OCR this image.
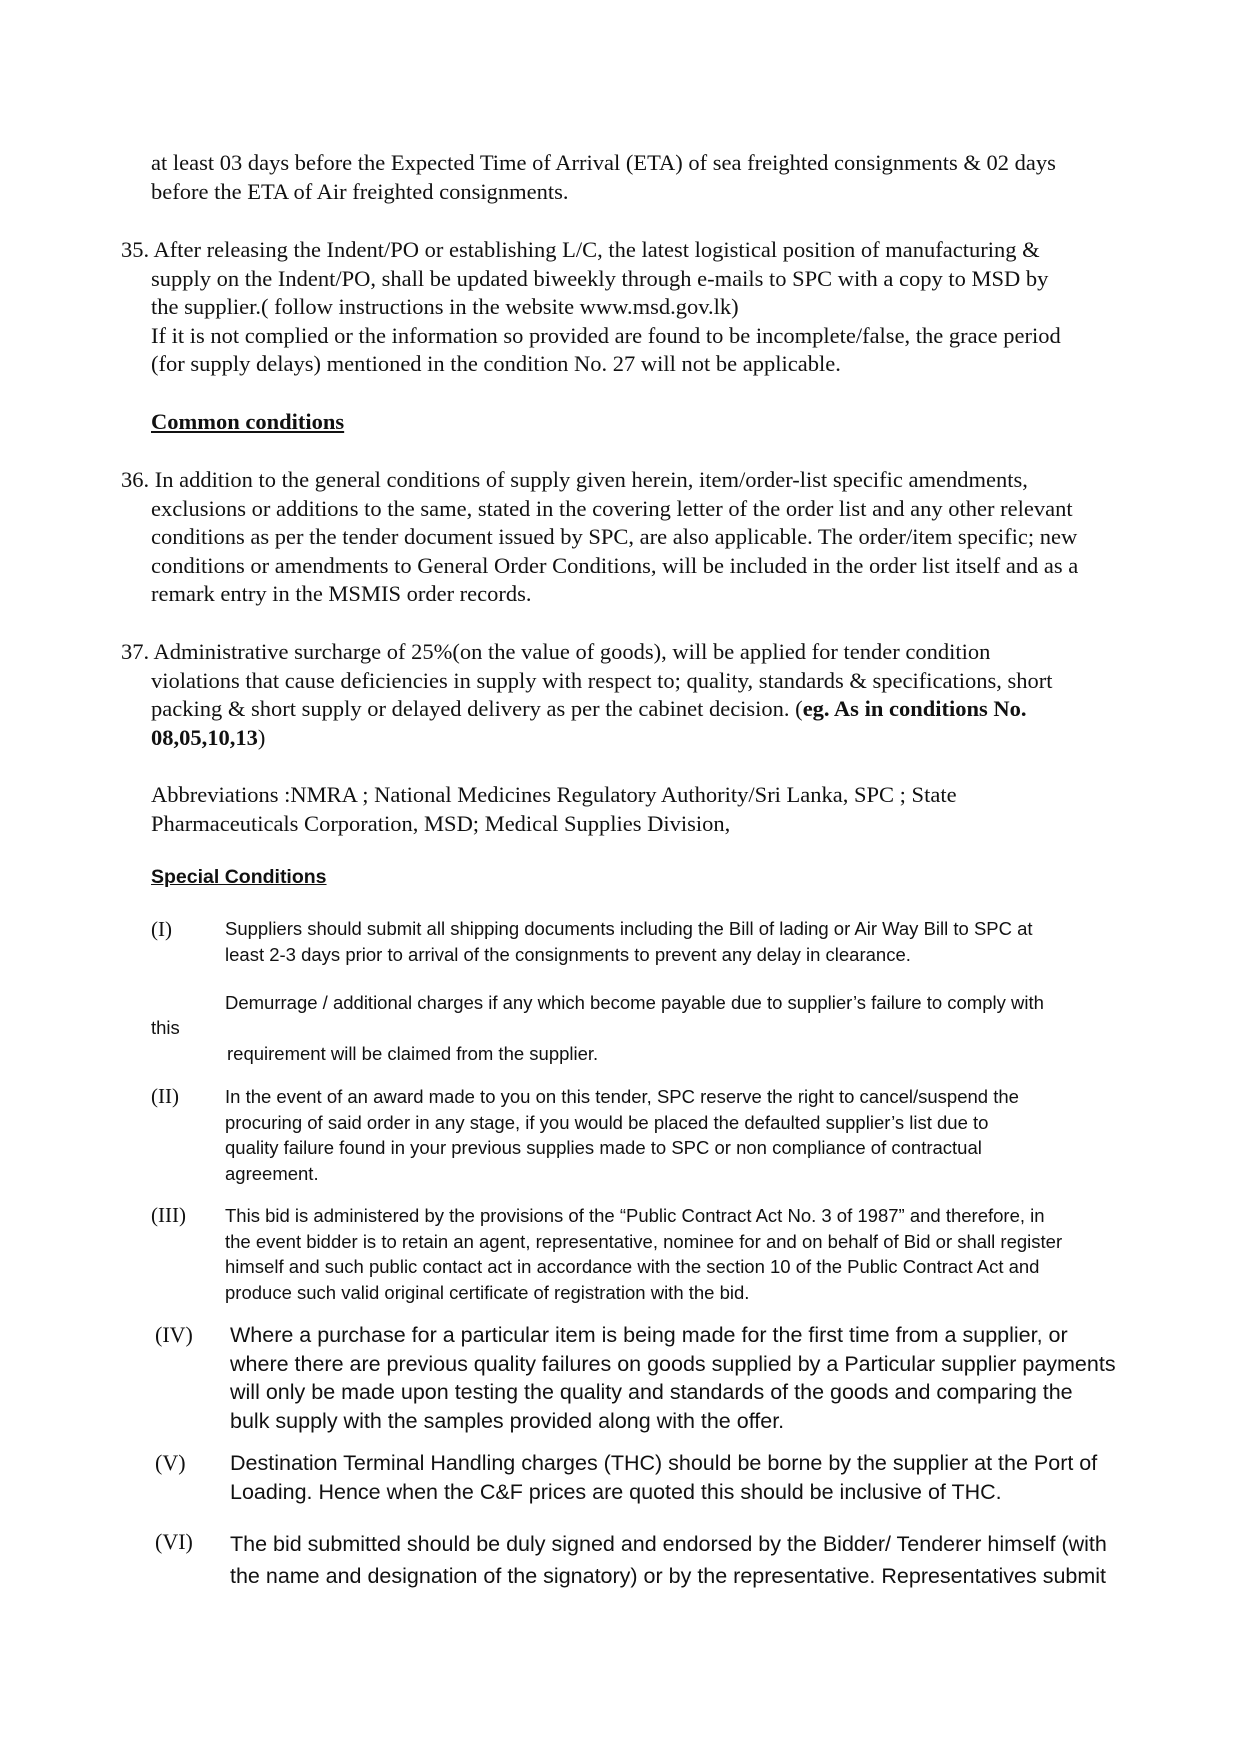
at least 03 days before the Expected Time of Arrival (ETA) of sea freighted consignments & 02 days
before the ETA of Air freighted consignments.
35. After releasing the Indent/PO or establishing L/C, the latest logistical position of manufacturing &
supply on the Indent/PO, shall be updated biweekly through e-mails to SPC with a copy to MSD by
the supplier.( follow instructions in the website www.msd.gov.lk)
If it is not complied or the information so provided are found to be incomplete/false, the grace period
(for supply delays) mentioned in the condition No. 27 will not be applicable.
Common conditions
36. In addition to the general conditions of supply given herein, item/order-list specific amendments,
exclusions or additions to the same, stated in the covering letter of the order list and any other relevant
conditions as per the tender document issued by SPC, are also applicable. The order/item specific; new
conditions or amendments to General Order Conditions, will be included in the order list itself and as a
remark entry in the MSMIS order records.
37. Administrative surcharge of 25%(on the value of goods), will be applied for tender condition
violations that cause deficiencies in supply with respect to; quality, standards & specifications, short
packing & short supply or delayed delivery as per the cabinet decision. (eg. As in conditions No.
08,05,10,13)
Abbreviations :NMRA ; National Medicines Regulatory Authority/Sri Lanka, SPC ; State
Pharmaceuticals Corporation, MSD; Medical Supplies Division,
Special Conditions
(I)	Suppliers should submit all shipping documents including the Bill of lading or Air Way Bill to SPC at
least 2-3 days prior to arrival of the consignments to prevent any delay in clearance.
Demurrage / additional charges if any which become payable due to supplier’s failure to comply with
this
requirement will be claimed from the supplier.
(II) In the event of an award made to you on this tender, SPC reserve the right to cancel/suspend the
procuring of said order in any stage, if you would be placed the defaulted supplier’s list due to
quality failure found in your previous supplies made to SPC or non compliance of contractual
agreement.
(III) This bid is administered by the provisions of the “Public Contract Act No. 3 of 1987” and therefore, in
the event bidder is to retain an agent, representative, nominee for and on behalf of Bid or shall register
himself and such public contact act in accordance with the section 10 of the Public Contract Act and
produce such valid original certificate of registration with the bid.
(IV) Where a purchase for a particular item is being made for the first time from a supplier, or
where there are previous quality failures on goods supplied by a Particular supplier payments
will only be made upon testing the quality and standards of the goods and comparing the
bulk supply with the samples provided along with the offer.
(V) Destination Terminal Handling charges (THC) should be borne by the supplier at the Port of
Loading. Hence when the C&F prices are quoted this should be inclusive of THC.
(VI) The bid submitted should be duly signed and endorsed by the Bidder/ Tenderer himself (with
the name and designation of the signatory) or by the representative. Representatives submit
